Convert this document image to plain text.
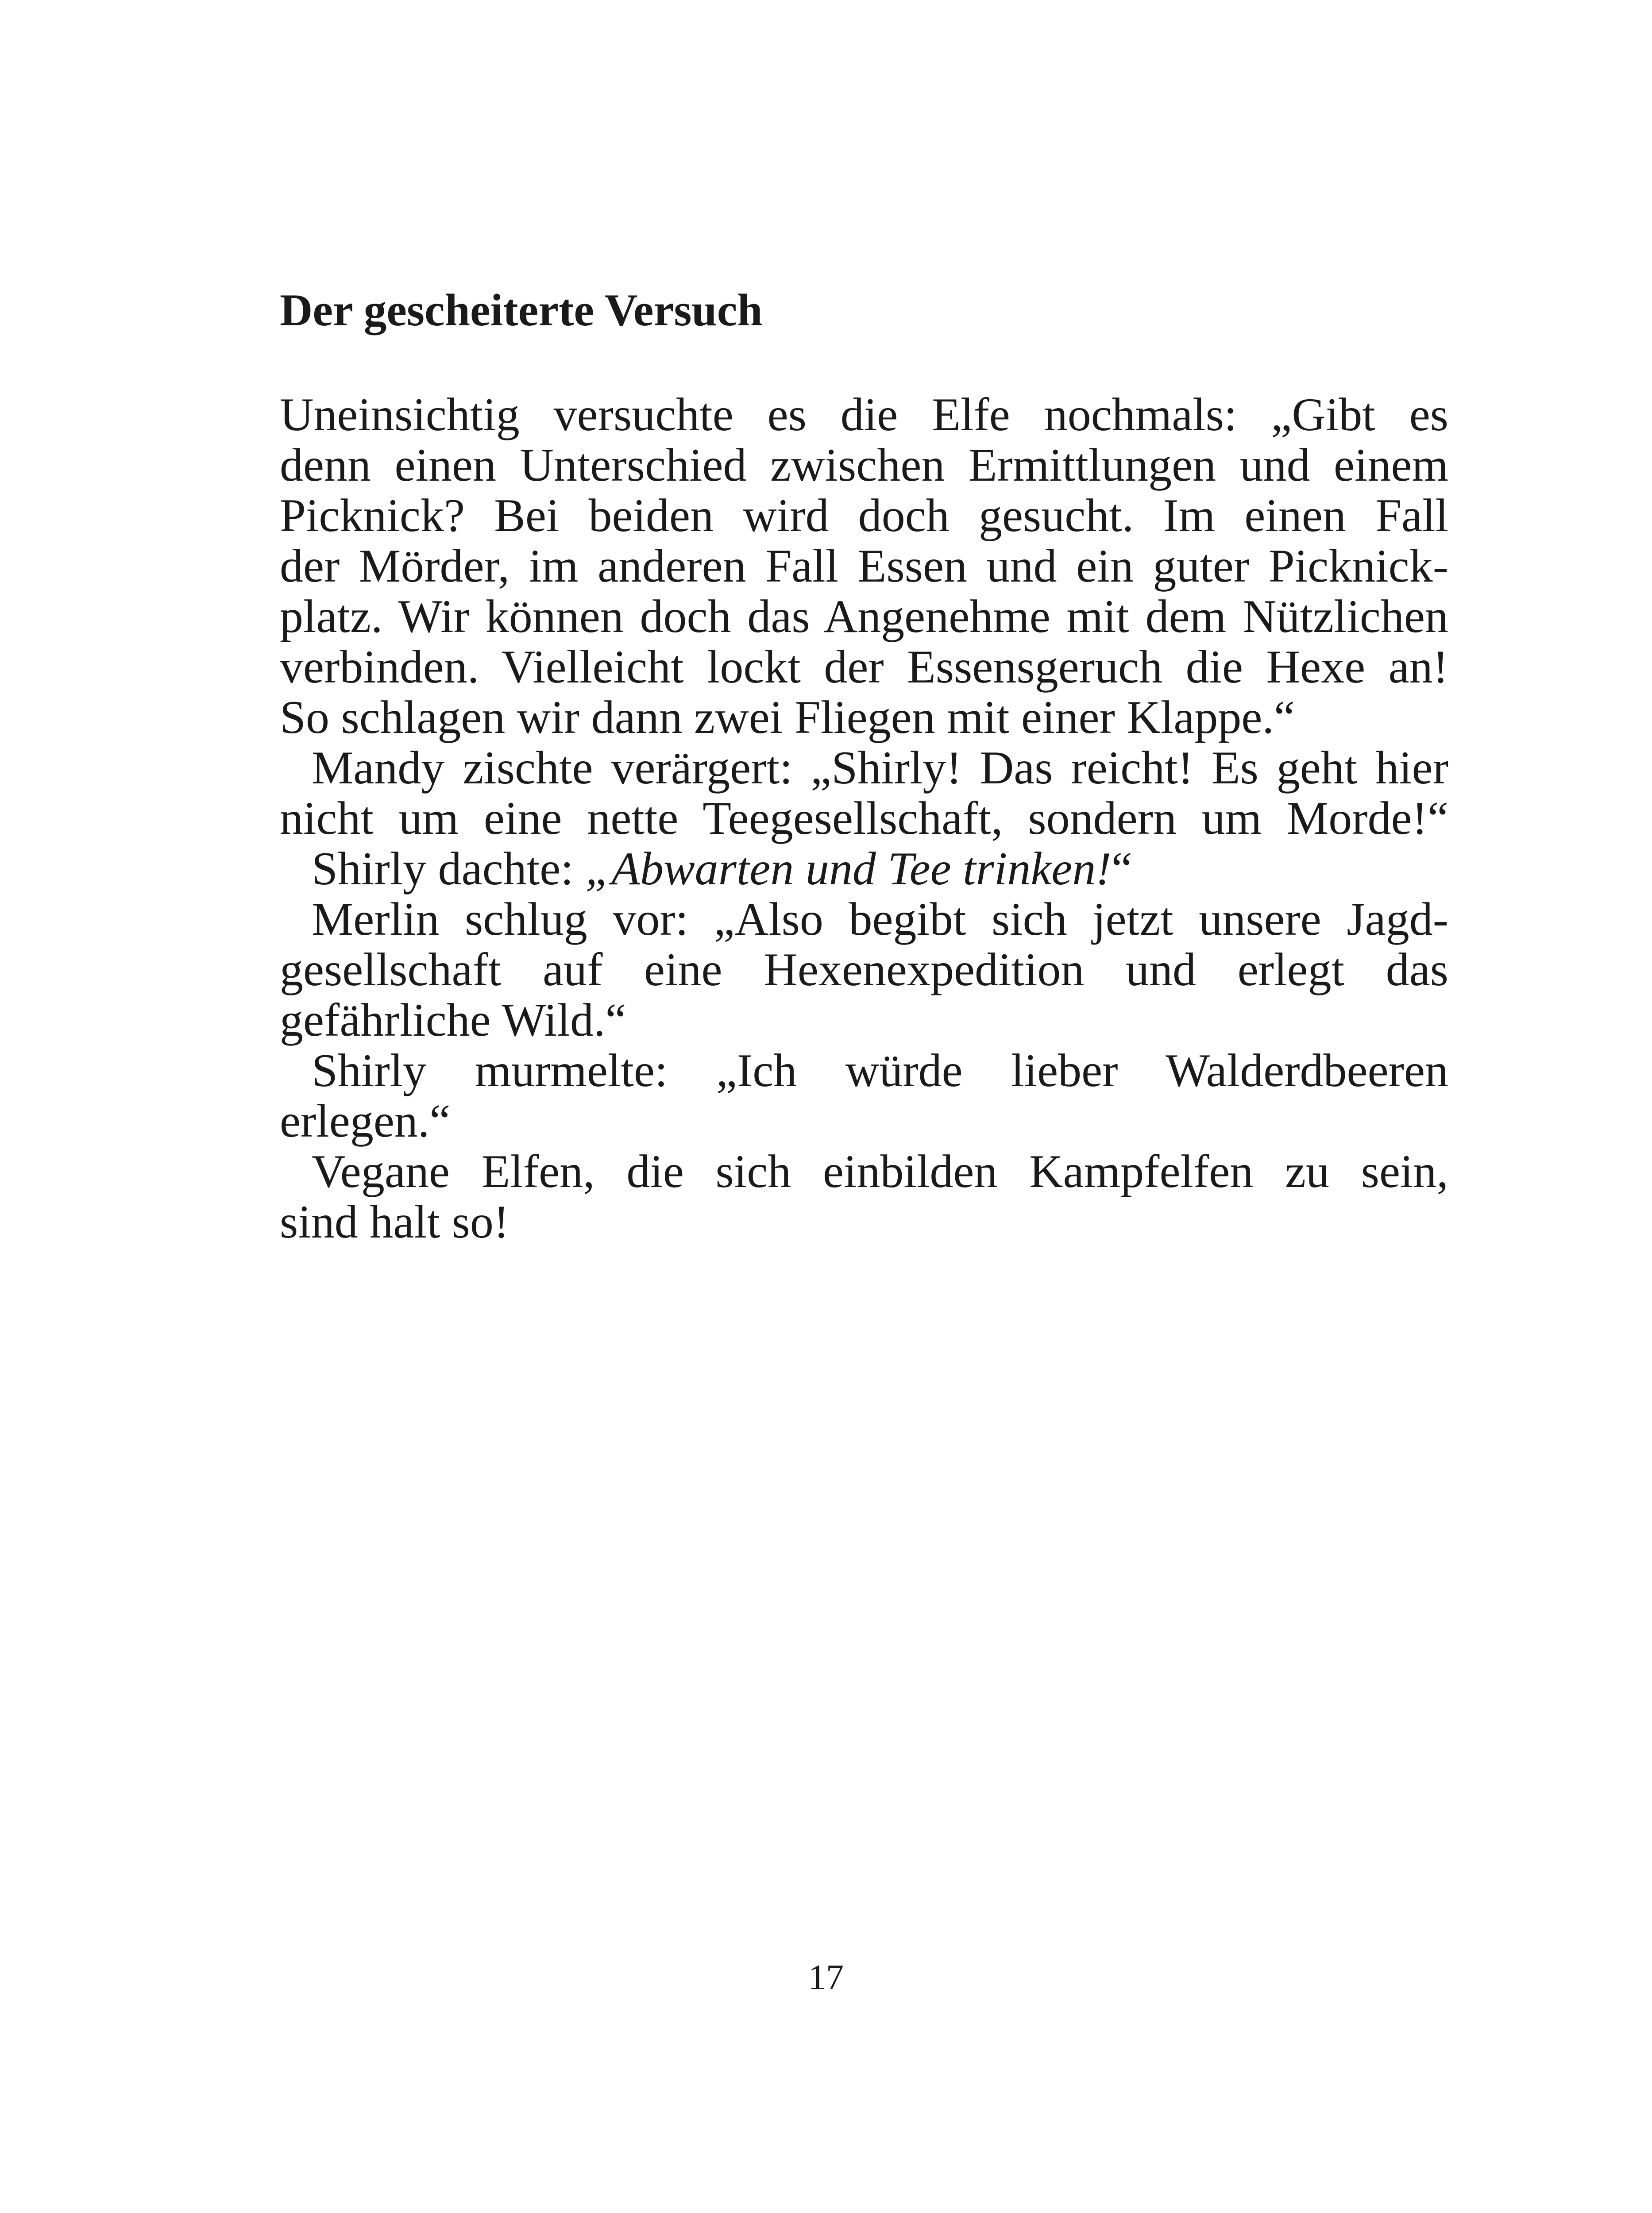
Der gescheiterte Versuch
Uneinsichtig versuchte es die Elfe nochmals: „Gibt es
denn einen Unterschied zwischen Ermittlungen und einem
Picknick? Bei beiden wird doch gesucht. Im einen Fall
der Mörder, im anderen Fall Essen und ein guter Picknick-
platz. Wir können doch das Angenehme mit dem Nützlichen
verbinden. Vielleicht lockt der Essensgeruch die Hexe an!
So schlagen wir dann zwei Fliegen mit einer Klappe.“
Mandy zischte verärgert: „Shirly! Das reicht! Es geht hier
nicht um eine nette Teegesellschaft, sondern um Morde!“
Shirly dachte: „Abwarten und Tee trinken!“
Merlin schlug vor: „Also begibt sich jetzt unsere Jagd-
gesellschaft auf eine Hexenexpedition und erlegt das
gefährliche Wild.“
Shirly murmelte: „Ich würde lieber Walderdbeeren
erlegen.“
Vegane Elfen, die sich einbilden Kampfelfen zu sein,
sind halt so!
17
